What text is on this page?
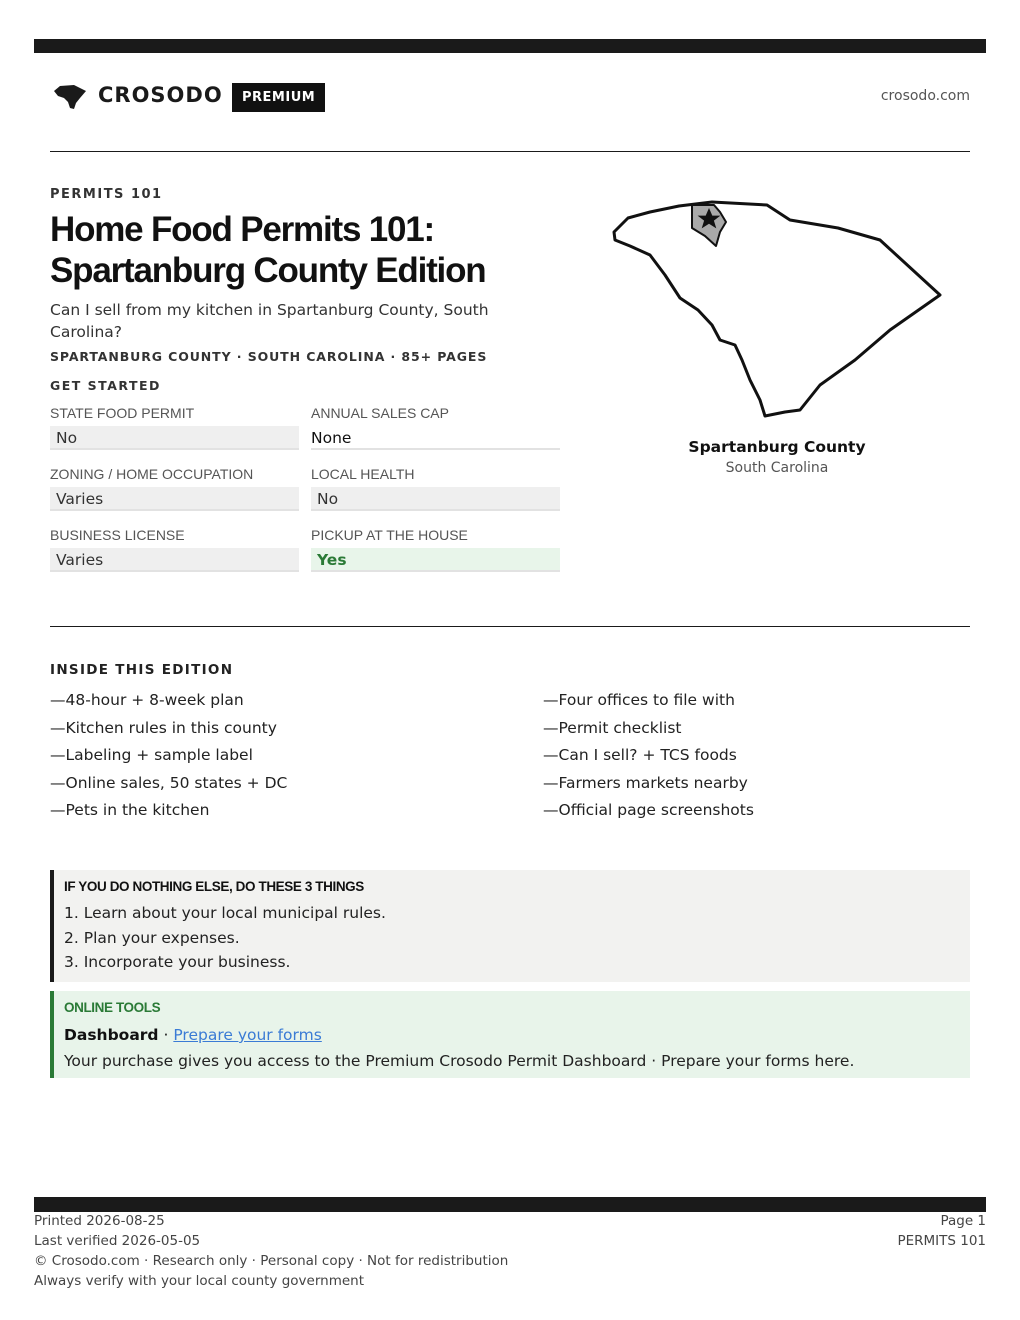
CROSODO	PREMIUM	crosodo.com
PERMITS 101
Home Food Permits 101:
Spartanburg County Edition

Can I sell from my kitchen in Spartanburg County, South Carolina?

SPARTANBURG COUNTY · SOUTH CAROLINA · 85+ PAGES
GET STARTED
STATE FOOD PERMIT
No
ANNUAL SALES CAP
None
ZONING / HOME OCCUPATION
Varies
LOCAL HEALTH
No
BUSINESS LICENSE
Varies
PICKUP AT THE HOUSE
Yes
Spartanburg County
South Carolina
INSIDE THIS EDITION
—48-hour + 8-week plan
—Kitchen rules in this county
—Labeling + sample label
—Online sales, 50 states + DC
—Pets in the kitchen
—Four offices to file with
—Permit checklist
—Can I sell? + TCS foods
—Farmers markets nearby
—Official page screenshots
IF YOU DO NOTHING ELSE, DO THESE 3 THINGS
1. Learn about your local municipal rules.
2. Plan your expenses.
3. Incorporate your business.
ONLINE TOOLS
Dashboard · Prepare your forms
Your purchase gives you access to the Premium Crosodo Permit Dashboard · Prepare your forms here.
Printed 2026-08-25
Last verified 2026-05-05
© Crosodo.com · Research only · Personal copy · Not for redistribution
Always verify with your local county government
Page 1
PERMITS 101
